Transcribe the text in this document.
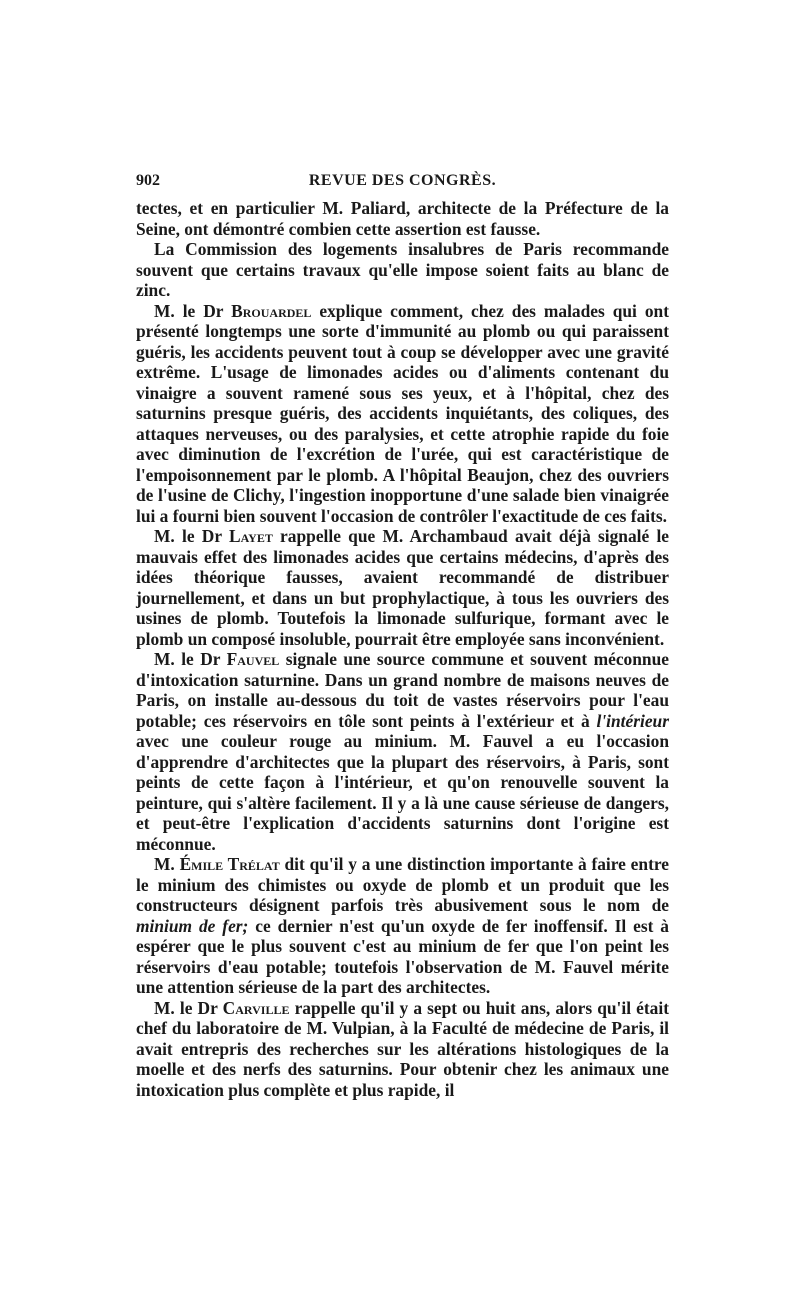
902	REVUE DES CONGRÈS.

tectes, et en particulier M. Paliard, architecte de la Préfecture de la Seine, ont démontré combien cette assertion est fausse.

La Commission des logements insalubres de Paris recommande souvent que certains travaux qu'elle impose soient faits au blanc de zinc.

M. le Dr Brouardel explique comment, chez des malades qui ont présenté longtemps une sorte d'immunité au plomb ou qui paraissent guéris, les accidents peuvent tout à coup se développer avec une gravité extrême. L'usage de limonades acides ou d'aliments contenant du vinaigre a souvent ramené sous ses yeux, et à l'hôpital, chez des saturnins presque guéris, des accidents inquiétants, des coliques, des attaques nerveuses, ou des paralysies, et cette atrophie rapide du foie avec diminution de l'excrétion de l'urée, qui est caractéristique de l'empoisonnement par le plomb. A l'hôpital Beaujon, chez des ouvriers de l'usine de Clichy, l'ingestion inopportune d'une salade bien vinaigrée lui a fourni bien souvent l'occasion de contrôler l'exactitude de ces faits.

M. le Dr Layet rappelle que M. Archambaud avait déjà signalé le mauvais effet des limonades acides que certains médecins, d'après des idées théorique fausses, avaient recommandé de distribuer journellement, et dans un but prophylactique, à tous les ouvriers des usines de plomb. Toutefois la limonade sulfurique, formant avec le plomb un composé insoluble, pourrait être employée sans inconvénient.

M. le Dr Fauvel signale une source commune et souvent méconnue d'intoxication saturnine. Dans un grand nombre de maisons neuves de Paris, on installe au-dessous du toit de vastes réservoirs pour l'eau potable; ces réservoirs en tôle sont peints à l'extérieur et à l'intérieur avec une couleur rouge au minium. M. Fauvel a eu l'occasion d'apprendre d'architectes que la plupart des réservoirs, à Paris, sont peints de cette façon à l'intérieur, et qu'on renouvelle souvent la peinture, qui s'altère facilement. Il y a là une cause sérieuse de dangers, et peut-être l'explication d'accidents saturnins dont l'origine est méconnue.

M. Émile Trélat dit qu'il y a une distinction importante à faire entre le minium des chimistes ou oxyde de plomb et un produit que les constructeurs désignent parfois très abusivement sous le nom de minium de fer; ce dernier n'est qu'un oxyde de fer inoffensif. Il est à espérer que le plus souvent c'est au minium de fer que l'on peint les réservoirs d'eau potable; toutefois l'observation de M. Fauvel mérite une attention sérieuse de la part des architectes.

M. le Dr Carville rappelle qu'il y a sept ou huit ans, alors qu'il était chef du laboratoire de M. Vulpian, à la Faculté de médecine de Paris, il avait entrepris des recherches sur les altérations histologiques de la moelle et des nerfs des saturnins. Pour obtenir chez les animaux une intoxication plus complète et plus rapide, il
